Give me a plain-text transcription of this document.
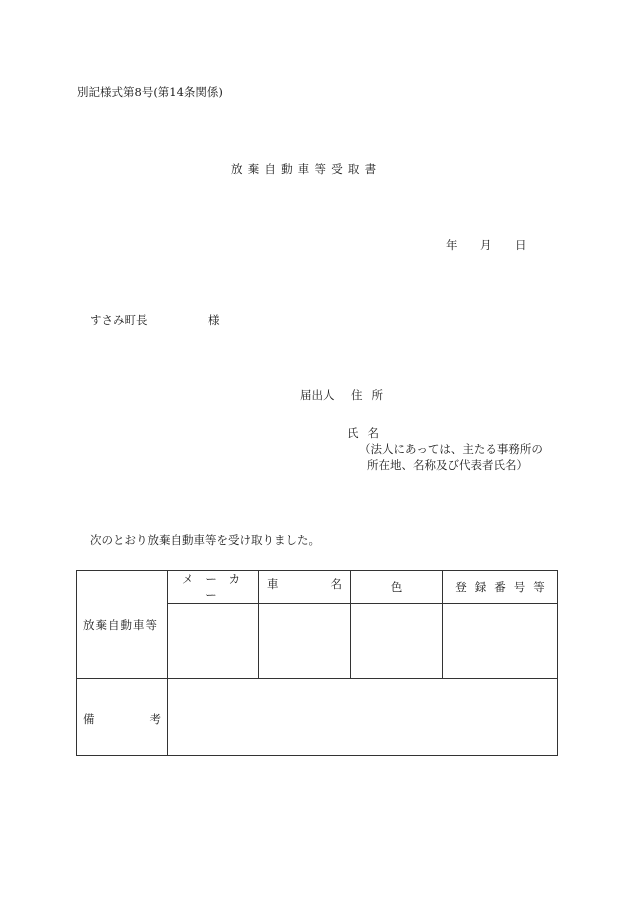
別記様式第8号(第14条関係)
放棄自動車等受取書
年 月 日
すさみ町長	様
届出人 住所
氏名
（法人にあっては、主たる事務所の
所在地、名称及び代表者氏名）
次のとおり放棄自動車等を受け取りました。
放棄自動車等	メーカー	車 名	色	登録番号等

備 考				
